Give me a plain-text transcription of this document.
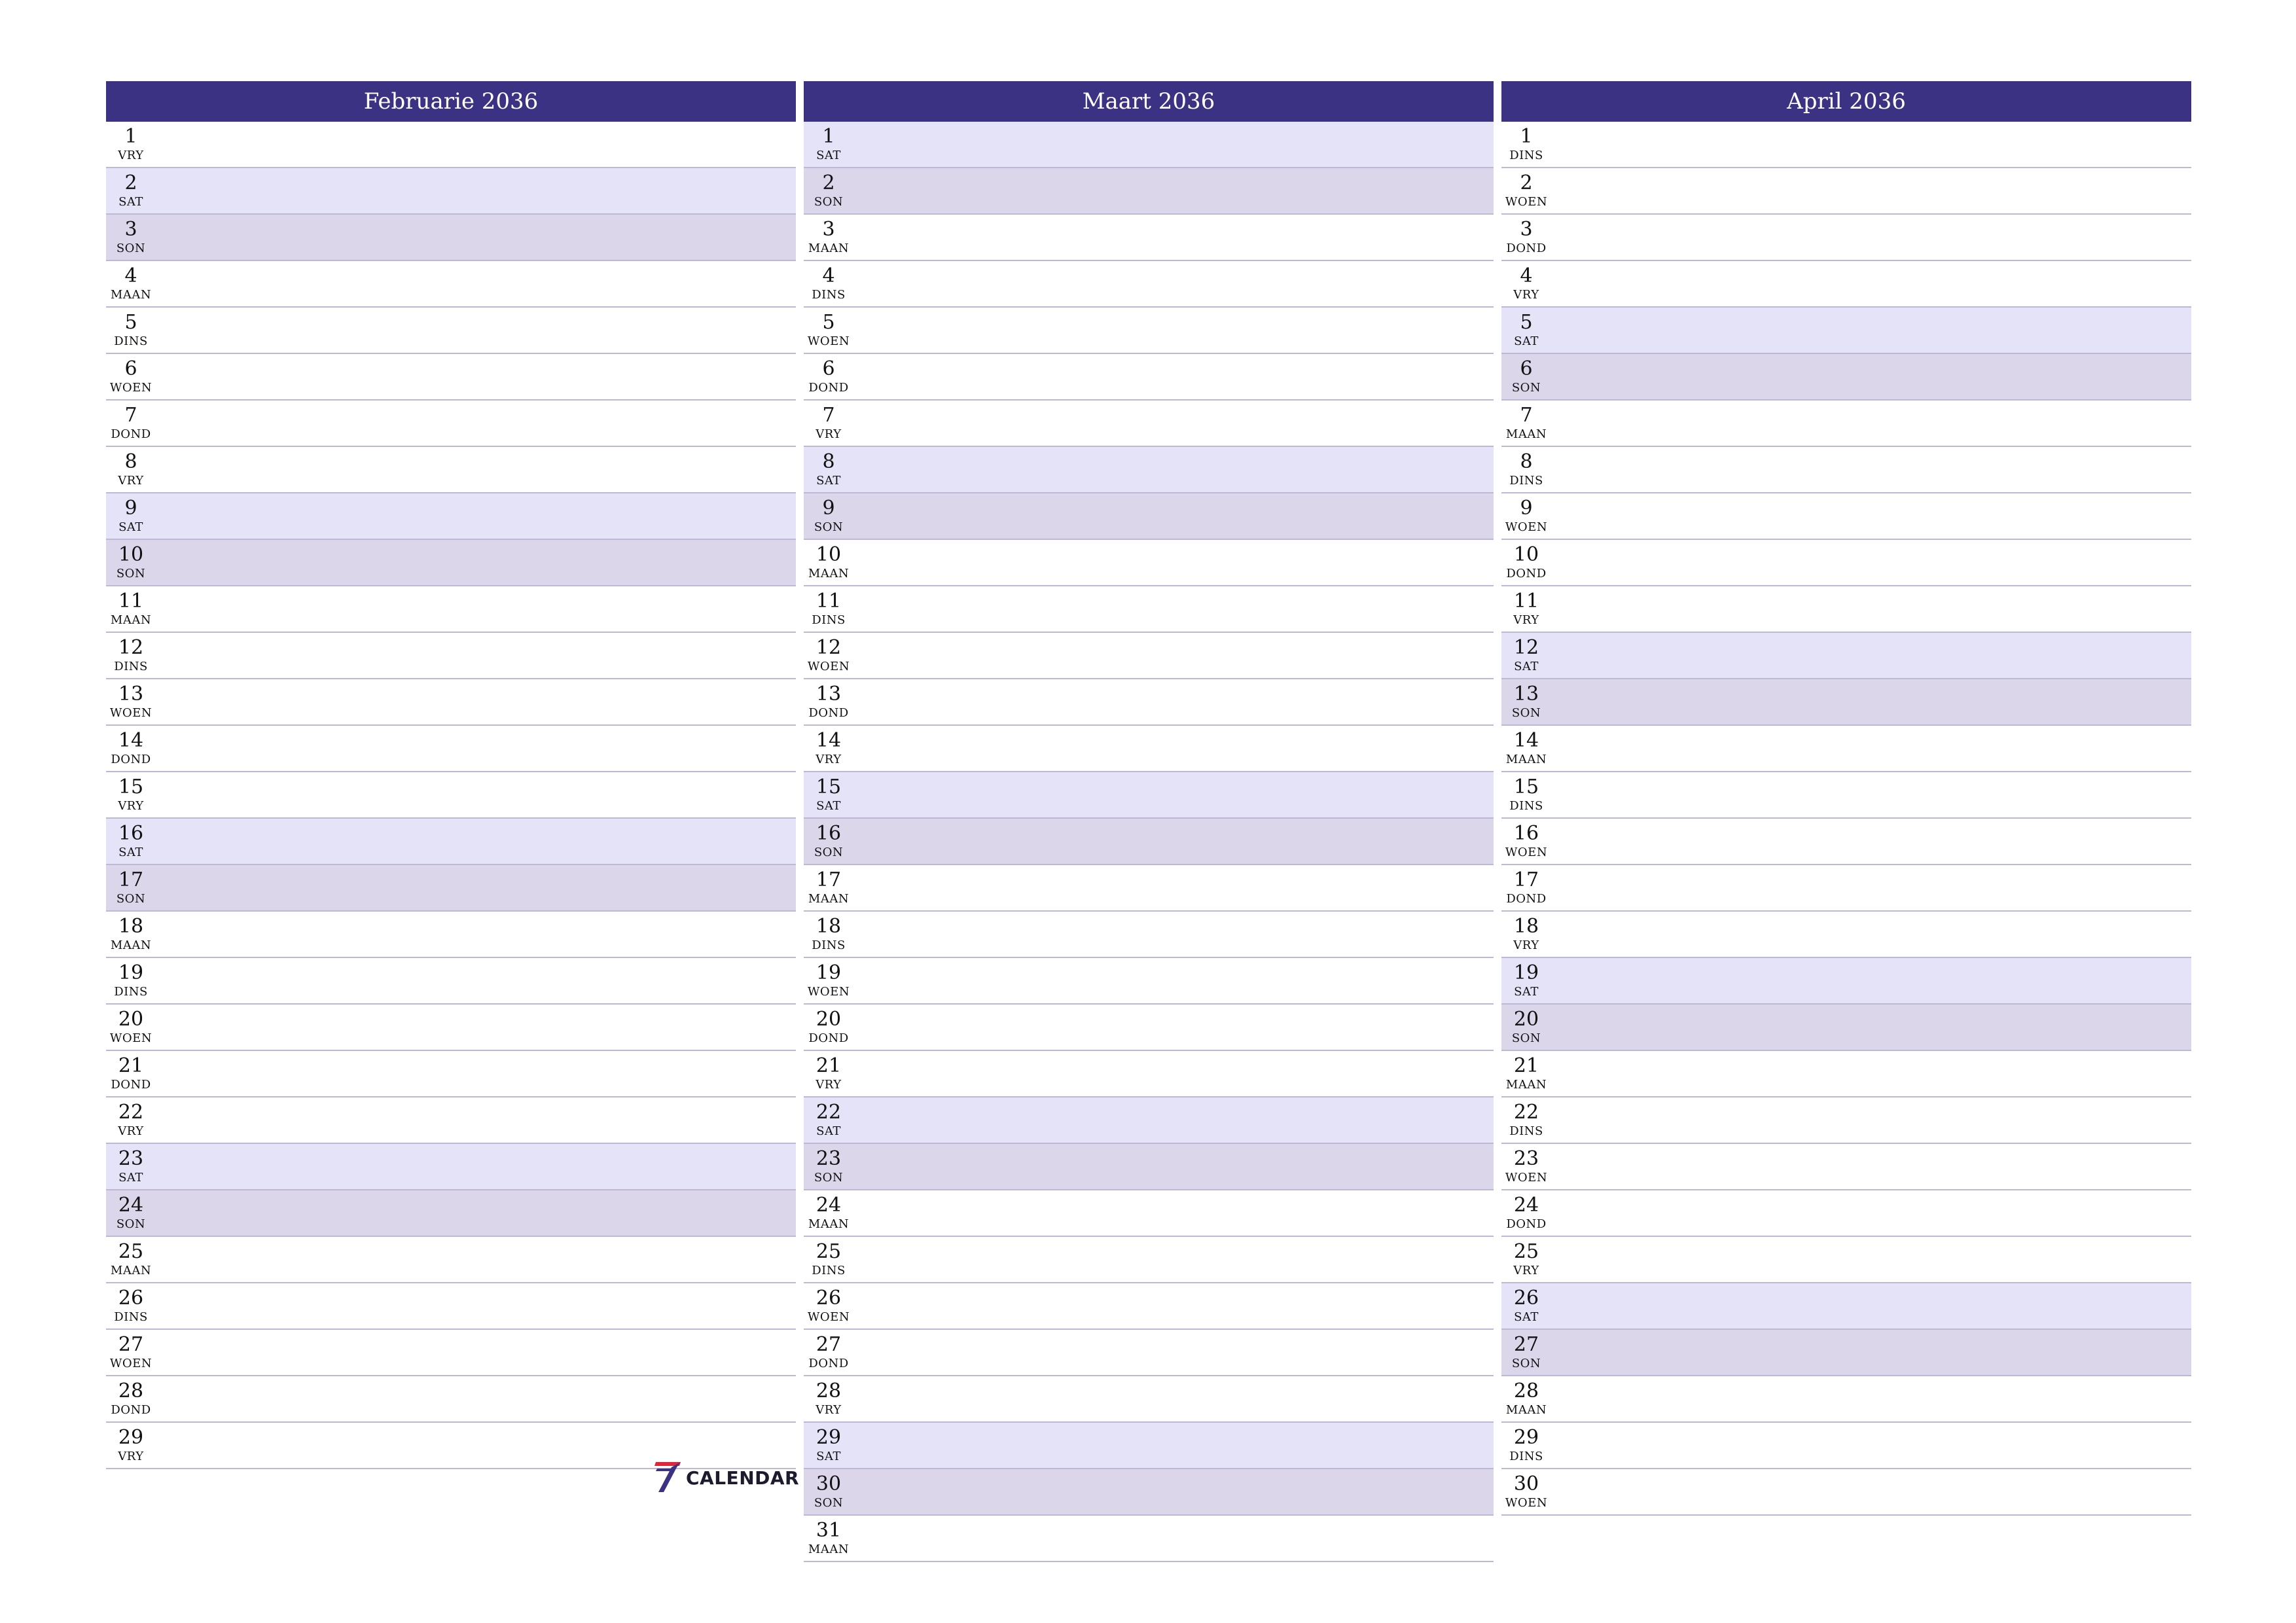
Februarie 2036
1
VRY
2
SAT
3
SON
4
MAAN
5
DINS
6
WOEN
7
DOND
8
VRY
9
SAT
10
SON
11
MAAN
12
DINS
13
WOEN
14
DOND
15
VRY
16
SAT
17
SON
18
MAAN
19
DINS
20
WOEN
21
DOND
22
VRY
23
SAT
24
SON
25
MAAN
26
DINS
27
WOEN
28
DOND
29
VRY
Maart 2036
1
SAT
2
SON
3
MAAN
4
DINS
5
WOEN
6
DOND
7
VRY
8
SAT
9
SON
10
MAAN
11
DINS
12
WOEN
13
DOND
14
VRY
15
SAT
16
SON
17
MAAN
18
DINS
19
WOEN
20
DOND
21
VRY
22
SAT
23
SON
24
MAAN
25
DINS
26
WOEN
27
DOND
28
VRY
29
SAT
30
SON
31
MAAN
April 2036
1
DINS
2
WOEN
3
DOND
4
VRY
5
SAT
6
SON
7
MAAN
8
DINS
9
WOEN
10
DOND
11
VRY
12
SAT
13
SON
14
MAAN
15
DINS
16
WOEN
17
DOND
18
VRY
19
SAT
20
SON
21
MAAN
22
DINS
23
WOEN
24
DOND
25
VRY
26
SAT
27
SON
28
MAAN
29
DINS
30
WOEN
CALENDAR
